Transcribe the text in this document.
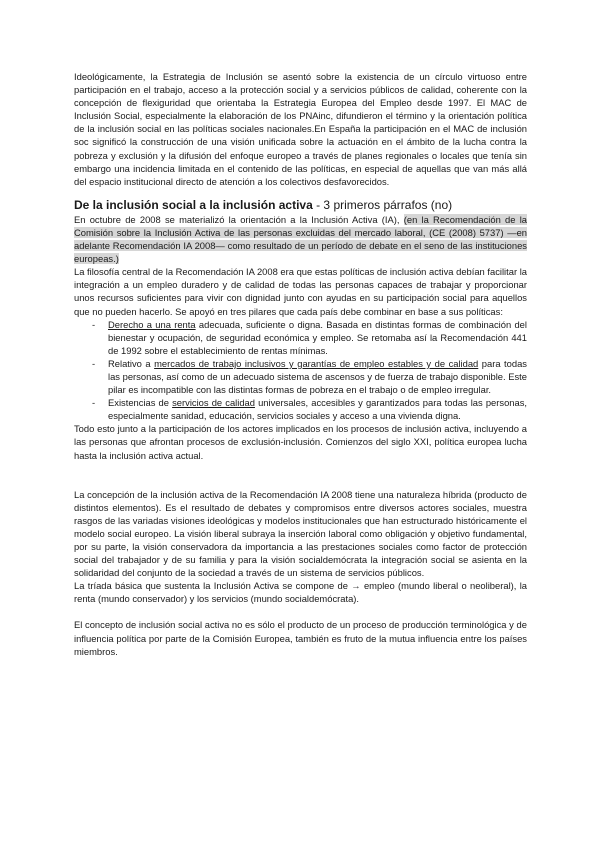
Ideológicamente, la Estrategia de Inclusión se asentó sobre la existencia de un círculo virtuoso entre participación en el trabajo, acceso a la protección social y a servicios públicos de calidad, coherente con la concepción de flexiguridad que orientaba la Estrategia Europea del Empleo desde 1997. El MAC de Inclusión Social, especialmente la elaboración de los PNAinc, difundieron el término y la orientación política de la inclusión social en las políticas sociales nacionales.En España la participación en el MAC de inclusión soc significó la construcción de una visión unificada sobre la actuación en el ámbito de la lucha contra la pobreza y exclusión y la difusión del enfoque europeo a través de planes regionales o locales que tenía sin embargo una incidencia limitada en el contenido de las políticas, en especial de aquellas que van más allá del espacio institucional directo de atención a los colectivos desfavorecidos.

De la inclusión social a la inclusión activa - 3 primeros párrafos (no)

En octubre de 2008 se materializó la orientación a la Inclusión Activa (IA), (en la Recomendación de la Comisión sobre la Inclusión Activa de las personas excluidas del mercado laboral, (CE (2008) 5737) —en adelante Recomendación IA 2008— como resultado de un período de debate en el seno de las instituciones europeas.)

La filosofía central de la Recomendación IA 2008 era que estas políticas de inclusión activa debían facilitar la integración a un empleo duradero y de calidad de todas las personas capaces de trabajar y proporcionar unos recursos suficientes para vivir con dignidad junto con ayudas en su participación social para aquellos que no pueden hacerlo. Se apoyó en tres pilares que cada país debe combinar en base a sus políticas:

- Derecho a una renta adecuada, suficiente o digna. Basada en distintas formas de combinación del bienestar y ocupación, de seguridad económica y empleo. Se retomaba así la Recomendación 441 de 1992 sobre el establecimiento de rentas mínimas.
- Relativo a mercados de trabajo inclusivos y garantías de empleo estables y de calidad para todas las personas, así como de un adecuado sistema de ascensos y de fuerza de trabajo disponible. Este pilar es incompatible con las distintas formas de pobreza en el trabajo o de empleo irregular.
- Existencias de servicios de calidad universales, accesibles y garantizados para todas las personas, especialmente sanidad, educación, servicios sociales y acceso a una vivienda digna.

Todo esto junto a la participación de los actores implicados en los procesos de inclusión activa, incluyendo a las personas que afrontan procesos de exclusión-inclusión. Comienzos del siglo XXI, política europea lucha hasta la inclusión activa actual.

La concepción de la inclusión activa de la Recomendación IA 2008 tiene una naturaleza híbrida (producto de distintos elementos). Es el resultado de debates y compromisos entre diversos actores sociales, muestra rasgos de las variadas visiones ideológicas y modelos institucionales que han estructurado históricamente el modelo social europeo. La visión liberal subraya la inserción laboral como obligación y objetivo fundamental, por su parte, la visión conservadora da importancia a las prestaciones sociales como factor de protección social del trabajador y de su familia y para la visión socialdemócrata la integración social se asienta en la solidaridad del conjunto de la sociedad a través de un sistema de servicios públicos.

La tríada básica que sustenta la Inclusión Activa se compone de → empleo (mundo liberal o neoliberal), la renta (mundo conservador) y los servicios (mundo socialdemócrata).

El concepto de inclusión social activa no es sólo el producto de un proceso de producción terminológica y de influencia política por parte de la Comisión Europea, también es fruto de la mutua influencia entre los países miembros.
